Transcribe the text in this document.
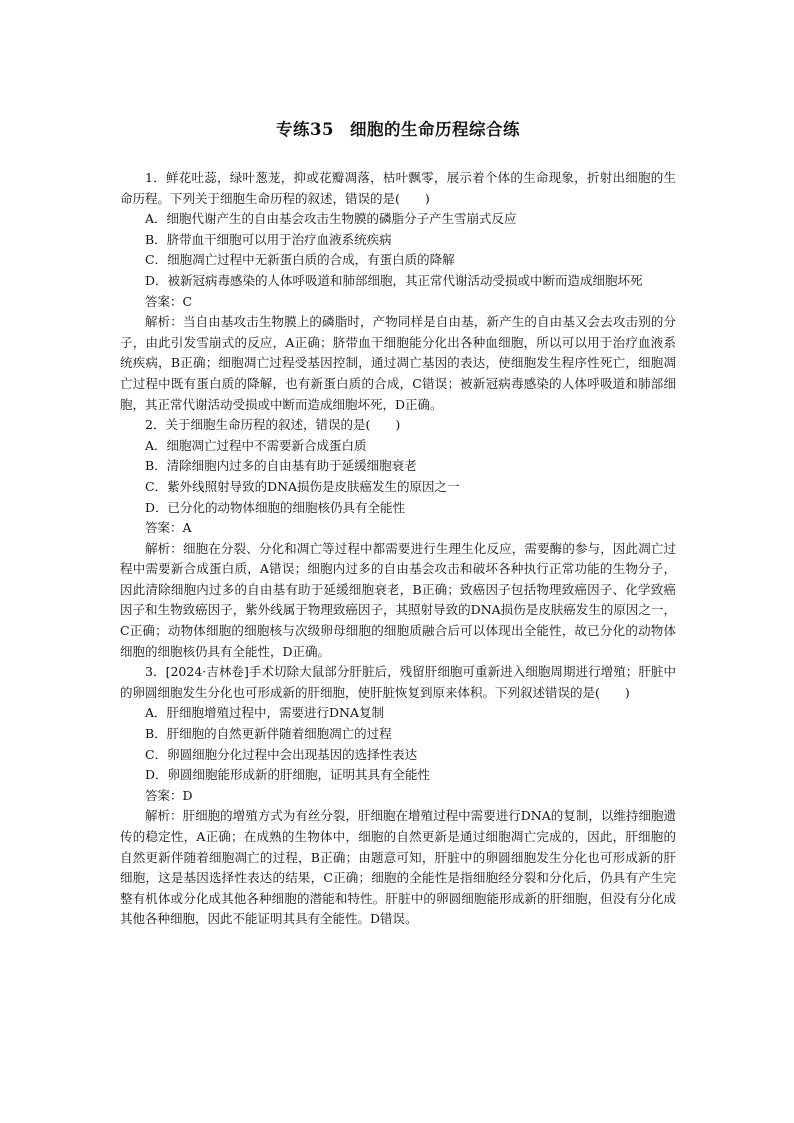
专练35 细胞的生命历程综合练

1．鲜花吐蕊，绿叶葱茏，抑或花瓣凋落，枯叶飘零，展示着个体的生命现象，折射出细胞的生命历程。下列关于细胞生命历程的叙述，错误的是(　　)

A．细胞代谢产生的自由基会攻击生物膜的磷脂分子产生雪崩式反应

B．脐带血干细胞可以用于治疗血液系统疾病

C．细胞凋亡过程中无新蛋白质的合成，有蛋白质的降解

D．被新冠病毒感染的人体呼吸道和肺部细胞，其正常代谢活动受损或中断而造成细胞坏死

答案：C

解析：当自由基攻击生物膜上的磷脂时，产物同样是自由基，新产生的自由基又会去攻击别的分子，由此引发雪崩式的反应，A正确；脐带血干细胞能分化出各种血细胞，所以可以用于治疗血液系统疾病，B正确；细胞凋亡过程受基因控制，通过凋亡基因的表达，使细胞发生程序性死亡，细胞凋亡过程中既有蛋白质的降解，也有新蛋白质的合成，C错误；被新冠病毒感染的人体呼吸道和肺部细胞，其正常代谢活动受损或中断而造成细胞坏死，D正确。

2．关于细胞生命历程的叙述，错误的是(　　)

A．细胞凋亡过程中不需要新合成蛋白质

B．清除细胞内过多的自由基有助于延缓细胞衰老

C．紫外线照射导致的DNA损伤是皮肤癌发生的原因之一

D．已分化的动物体细胞的细胞核仍具有全能性

答案：A

解析：细胞在分裂、分化和凋亡等过程中都需要进行生理生化反应，需要酶的参与，因此凋亡过程中需要新合成蛋白质，A错误；细胞内过多的自由基会攻击和破坏各种执行正常功能的生物分子，因此清除细胞内过多的自由基有助于延缓细胞衰老，B正确；致癌因子包括物理致癌因子、化学致癌因子和生物致癌因子，紫外线属于物理致癌因子，其照射导致的DNA损伤是皮肤癌发生的原因之一，C正确；动物体细胞的细胞核与次级卵母细胞的细胞质融合后可以体现出全能性，故已分化的动物体细胞的细胞核仍具有全能性，D正确。

3．[2024·吉林卷]手术切除大鼠部分肝脏后，残留肝细胞可重新进入细胞周期进行增殖；肝脏中的卵圆细胞发生分化也可形成新的肝细胞，使肝脏恢复到原来体积。下列叙述错误的是(　　)

A．肝细胞增殖过程中，需要进行DNA复制

B．肝细胞的自然更新伴随着细胞凋亡的过程

C．卵圆细胞分化过程中会出现基因的选择性表达

D．卵圆细胞能形成新的肝细胞，证明其具有全能性

答案：D

解析：肝细胞的增殖方式为有丝分裂，肝细胞在增殖过程中需要进行DNA的复制，以维持细胞遗传的稳定性，A正确；在成熟的生物体中，细胞的自然更新是通过细胞凋亡完成的，因此，肝细胞的自然更新伴随着细胞凋亡的过程，B正确；由题意可知，肝脏中的卵圆细胞发生分化也可形成新的肝细胞，这是基因选择性表达的结果，C正确；细胞的全能性是指细胞经分裂和分化后，仍具有产生完整有机体或分化成其他各种细胞的潜能和特性。肝脏中的卵圆细胞能形成新的肝细胞，但没有分化成其他各种细胞，因此不能证明其具有全能性。D错误。
